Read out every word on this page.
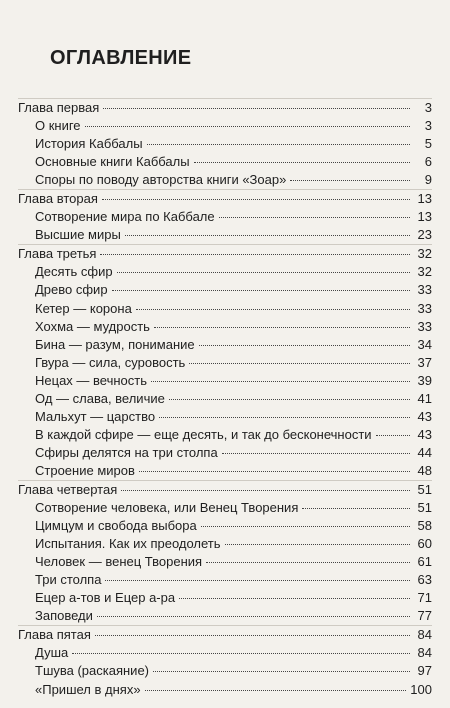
ОГЛАВЛЕНИЕ
Глава первая	3
О книге	3
История Каббалы	5
Основные книги Каббалы	6
Споры по поводу авторства книги «Зоар»	9
Глава вторая	13
Сотворение мира по Каббале	13
Высшие миры	23
Глава третья	32
Десять сфир	32
Древо сфир	33
Кетер — корона	33
Хохма — мудрость	33
Бина — разум, понимание	34
Гвура — сила, суровость	37
Нецах — вечность	39
Од — слава, величие	41
Мальхут — царство	43
В каждой сфире — еще десять, и так до бесконечности	43
Сфиры делятся на три столпа	44
Строение миров	48
Глава четвертая	51
Сотворение человека, или Венец Творения	51
Цимцум и свобода выбора	58
Испытания. Как их преодолеть	60
Человек — венец Творения	61
Три столпа	63
Ецер а-тов и Ецер а-ра	71
Заповеди	77
Глава пятая	84
Душа	84
Тшува (раскаяние)	97
«Пришел в днях»	100
